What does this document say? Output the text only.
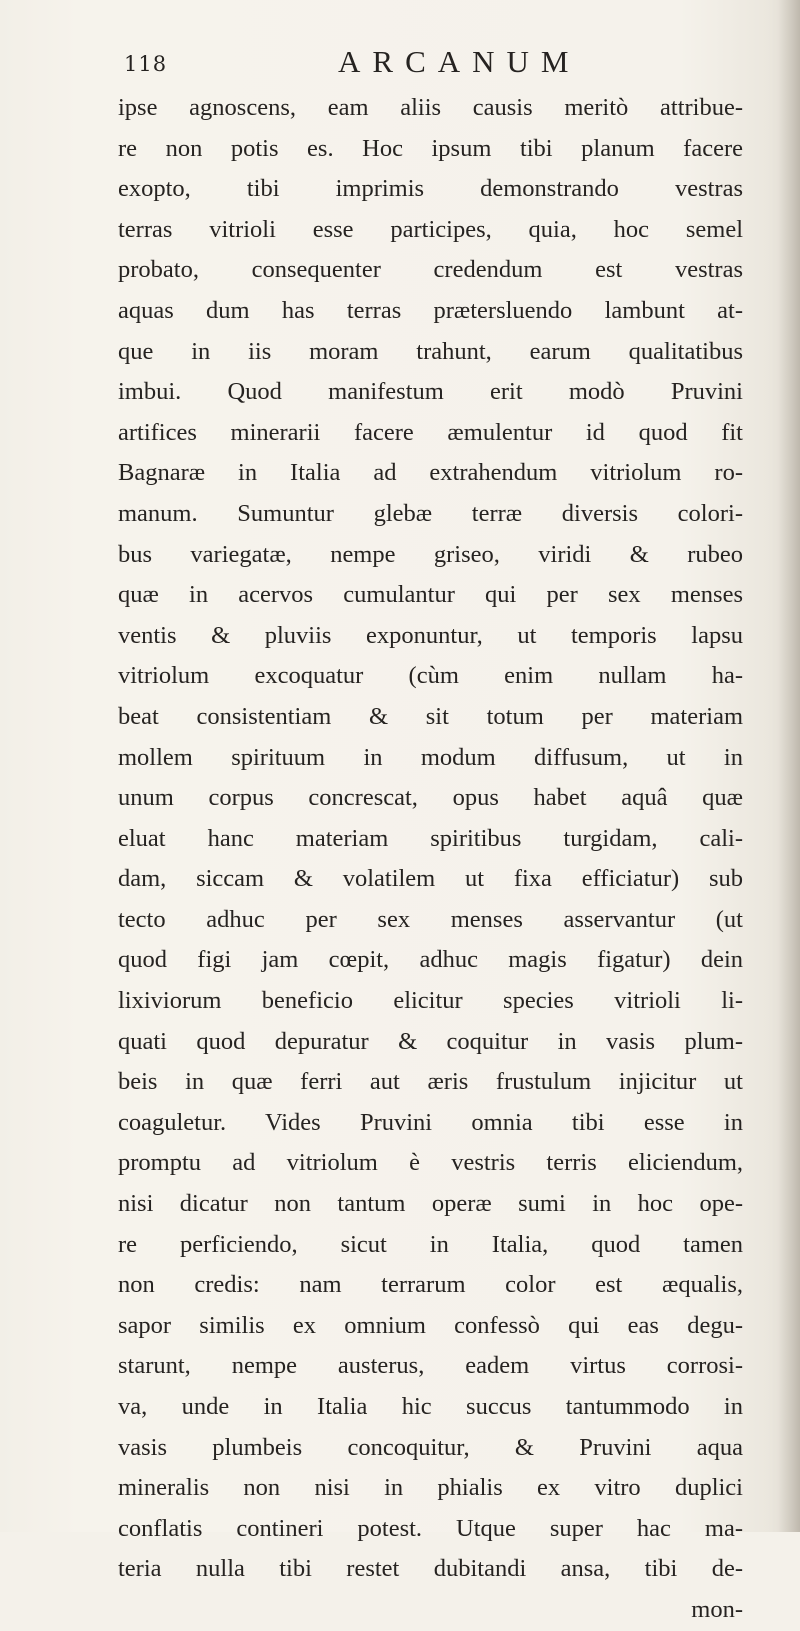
118	ARCANUM
ipse agnoscens, eam aliis causis meritò attribue-
re non potis es. Hoc ipsum tibi planum facere
exopto, tibi imprimis demonstrando vestras
terras vitrioli esse participes, quia, hoc semel
probato, consequenter credendum est vestras
aquas dum has terras prætersluendo lambunt at-
que in iis moram trahunt, earum qualitatibus
imbui. Quod manifestum erit modò Pruvini
artifices minerarii facere æmulentur id quod fit
Bagnaræ in Italia ad extrahendum vitriolum ro-
manum. Sumuntur glebæ terræ diversis colori-
bus variegatæ, nempe griseo, viridi & rubeo
quæ in acervos cumulantur qui per sex menses
ventis & pluviis exponuntur, ut temporis lapsu
vitriolum excoquatur (cùm enim nullam ha-
beat consistentiam & sit totum per materiam
mollem spirituum in modum diffusum, ut in
unum corpus concrescat, opus habet aquâ quæ
eluat hanc materiam spiritibus turgidam, cali-
dam, siccam & volatilem ut fixa efficiatur) sub
tecto adhuc per sex menses asservantur (ut
quod figi jam cœpit, adhuc magis figatur) dein
lixiviorum beneficio elicitur species vitrioli li-
quati quod depuratur & coquitur in vasis plum-
beis in quæ ferri aut æris frustulum injicitur ut
coaguletur. Vides Pruvini omnia tibi esse in
promptu ad vitriolum è vestris terris eliciendum,
nisi dicatur non tantum operæ sumi in hoc ope-
re perficiendo, sicut in Italia, quod tamen
non credis: nam terrarum color est æqualis,
sapor similis ex omnium confessò qui eas degu-
starunt, nempe austerus, eadem virtus corrosi-
va, unde in Italia hic succus tantummodo in
vasis plumbeis concoquitur, & Pruvini aqua
mineralis non nisi in phialis ex vitro duplici
conflatis contineri potest. Utque super hac ma-
teria nulla tibi restet dubitandi ansa, tibi de-
mon-
